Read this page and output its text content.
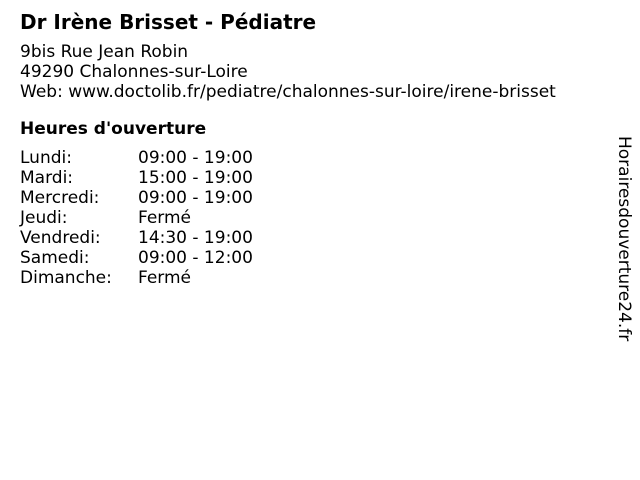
Dr Irène Brisset - Pédiatre
9bis Rue Jean Robin
49290 Chalonnes-sur-Loire
Web: www.doctolib.fr/pediatre/chalonnes-sur-loire/irene-brisset
Heures d'ouverture
Lundi:	09:00 - 19:00
Mardi:	15:00 - 19:00
Mercredi:	09:00 - 19:00
Jeudi:	Fermé
Vendredi:	14:30 - 19:00
Samedi:	09:00 - 12:00
Dimanche:	Fermé	Horairesdouverture24.fr
